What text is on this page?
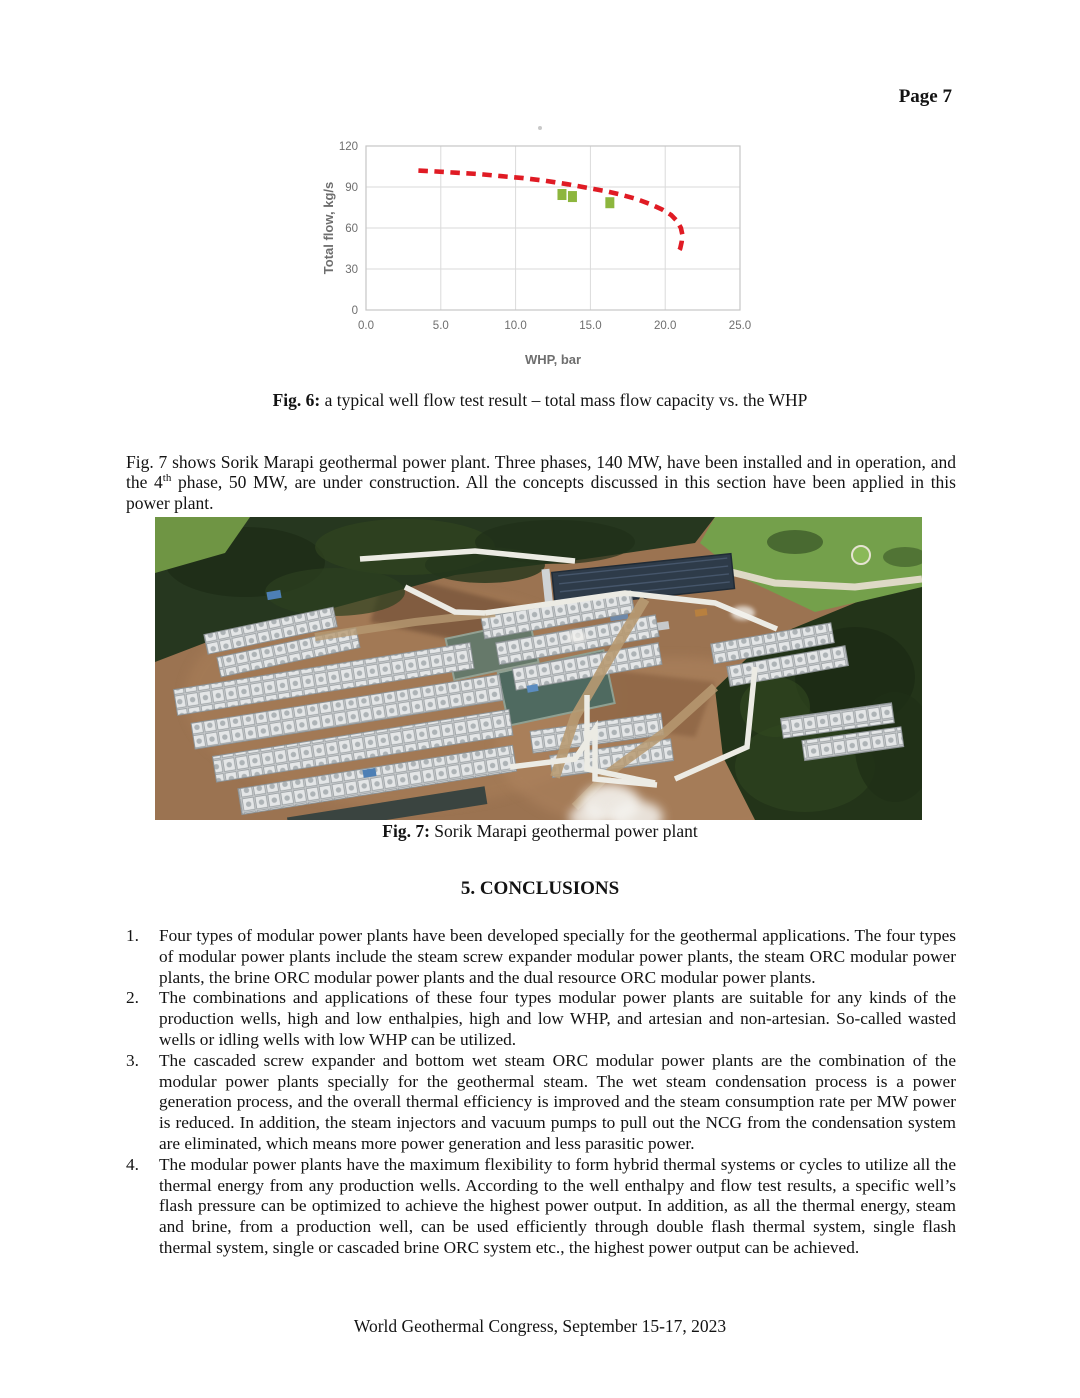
Page 7
0.0	5.0	10.0	15.0	20.0	25.0
0
30
60
90
120
WHP, bar
Total flow, kg/s
Fig. 6: a typical well flow test result – total mass flow capacity vs. the WHP

Fig. 7 shows Sorik Marapi geothermal power plant. Three phases, 140 MW, have been installed and in operation, and the 4th phase, 50 MW, are under construction. All the concepts discussed in this section have been applied in this power plant.

Fig. 7: Sorik Marapi geothermal power plant
5. CONCLUSIONS
1.	Four types of modular power plants have been developed specially for the geothermal applications. The four types of modular power plants include the steam screw expander modular power plants, the steam ORC modular power plants, the brine ORC modular power plants and the dual resource ORC modular power plants.
2.	The combinations and applications of these four types modular power plants are suitable for any kinds of the production wells, high and low enthalpies, high and low WHP, and artesian and non-artesian. So-called wasted wells or idling wells with low WHP can be utilized.
3.	The cascaded screw expander and bottom wet steam ORC modular power plants are the combination of the modular power plants specially for the geothermal steam. The wet steam condensation process is a power generation process, and the overall thermal efficiency is improved and the steam consumption rate per MW power is reduced. In addition, the steam injectors and vacuum pumps to pull out the NCG from the condensation system are eliminated, which means more power generation and less parasitic power.
4.	The modular power plants have the maximum flexibility to form hybrid thermal systems or cycles to utilize all the thermal energy from any production wells. According to the well enthalpy and flow test results, a specific well’s flash pressure can be optimized to achieve the highest power output. In addition, as all the thermal energy, steam and brine, from a production well, can be used efficiently through double flash thermal system, single flash thermal system, single or cascaded brine ORC system etc., the highest power output can be achieved.
World Geothermal Congress, September 15-17, 2023
